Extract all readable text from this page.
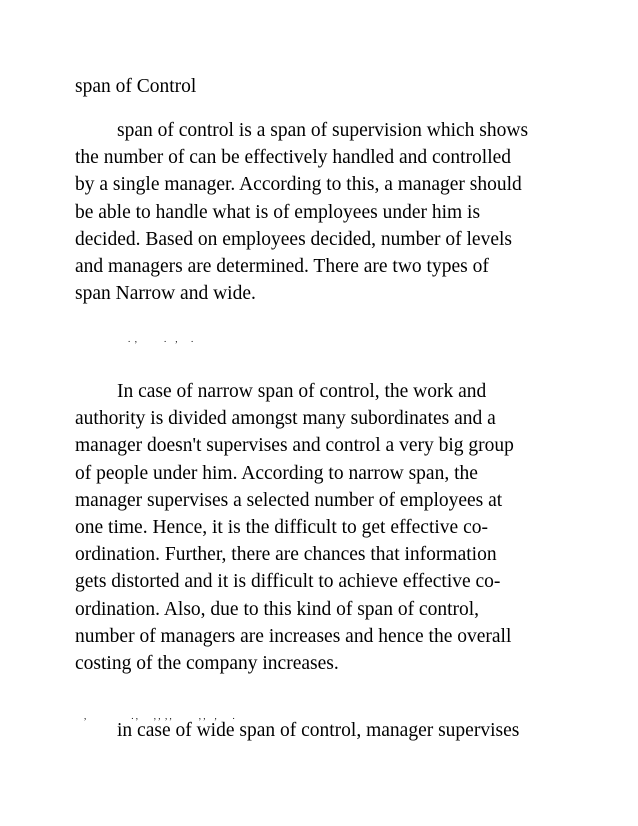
span of Control
span of control is a span of supervision which shows
the number of can be effectively handled and controlled
by a single manager. According to this, a manager should
be able to handle what is of employees under him is
decided. Based on employees decided, number of levels
and managers are determined. There are two types of
span Narrow and wide.
.  ,            .    ,      .
In case of narrow span of control, the work and
authority is divided amongst many subordinates and a
manager doesn't supervises and control a very big group
of people under him. According to narrow span, the
manager supervises a selected number of employees at
one time. Hence, it is the difficult to get effective co-
ordination. Further, there are chances that information
gets distorted and it is difficult to achieve effective co-
ordination. Also, due to this kind of span of control,
number of managers are increases and hence the overall
costing of the company increases.
,                    . ,       , ,  , ,            , ,    ,       .
in case of wide span of control, manager supervises
